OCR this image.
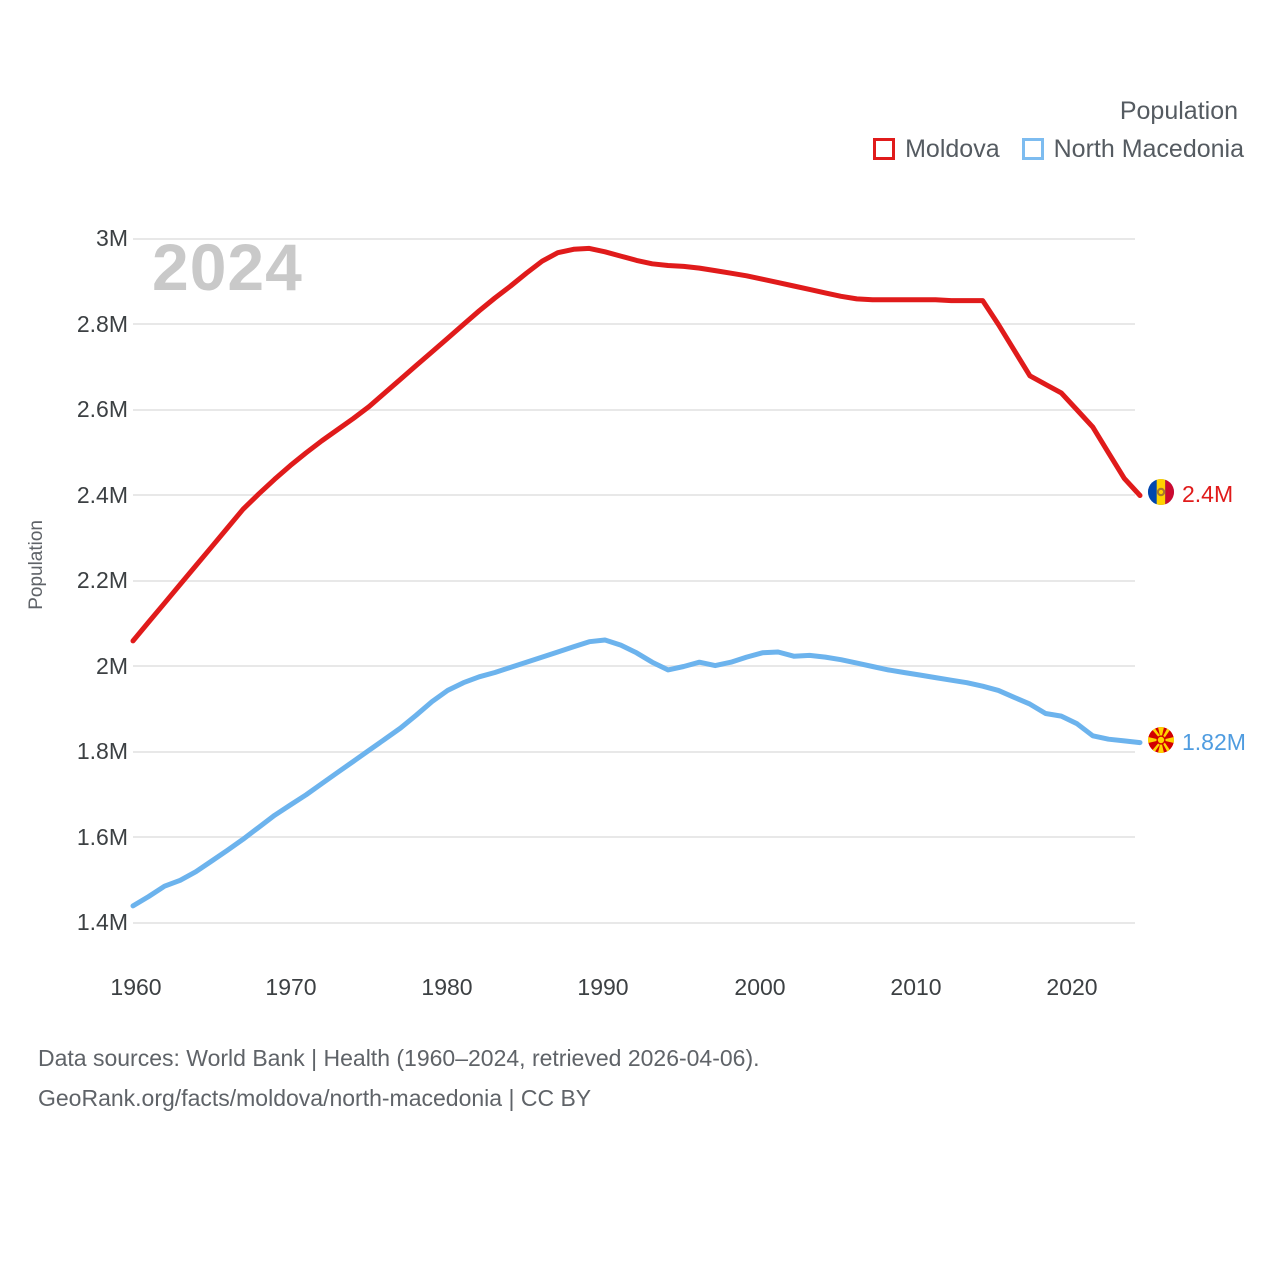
Population
Moldova North Macedonia
2024
Population
3M
2.8M
2.6M
2.4M
2.2M
2M
1.8M
1.6M
1.4M
1960	1970	1980	1990	2000	2010	2020
2.4M
1.82M
Data sources: World Bank | Health (1960–2024, retrieved 2026-04-06).
GeoRank.org/facts/moldova/north-macedonia | CC BY
